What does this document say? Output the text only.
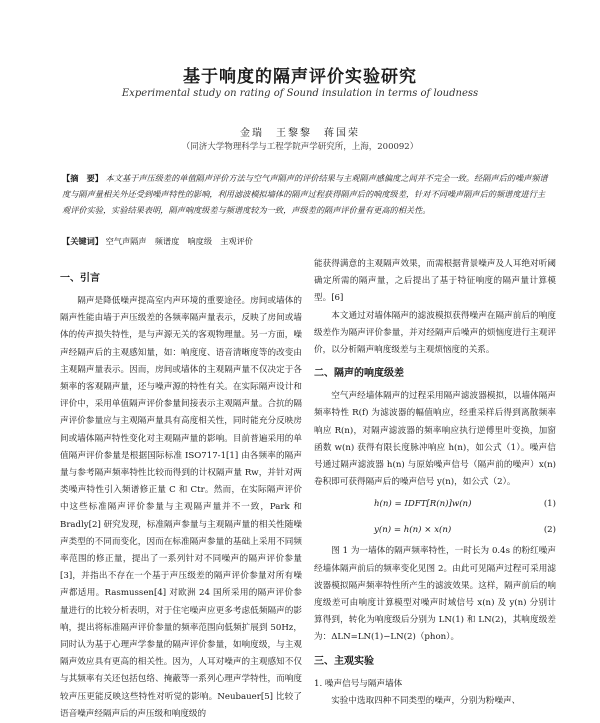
基于响度的隔声评价实验研究

Experimental study on rating of Sound insulation in terms of loudness

金瑞　王黎黎　蒋国荣

（同济大学物理科学与工程学院声学研究所，上海，200092）

【摘　要】 本文基于声压级差的单值隔声评价方法与空气声隔声的评价结果与主观隔声感偏度之间并不完全一致。经隔声后的噪声频谱度与隔声量相关外还受到噪声特性的影响，利用滤波模拟墙体的隔声过程获得隔声后的响度级差，针对不同噪声隔声后的频谱度进行主观评价实验，实验结果表明，隔声响度级差与频谱度较为一致，声级差的隔声评价量有更高的相关性。

【关键词】 空气声隔声　频谱度　响度级　主观评价

一、引言

隔声是降低噪声提高室内声环境的重要途径。房间或墙体的隔声性能由墙于声压级差的各频率隔声量表示，反映了房间或墙体的传声损失特性，是与声源无关的客观物理量。另一方面，噪声经隔声后的主观感知量，如：响度度、语音清晰度等的改变由主观隔声量表示。因而，房间或墙体的主观隔声量不仅决定于各频率的客观隔声量，还与噪声源的特性有关。在实际隔声设计和评价中，采用单值隔声评价参量间接表示主观隔声量。合抗的隔声评价参量应与主观隔声量具有高度相关性，同时能充分反映房间或墙体隔声特性变化对主观隔声量的影响。目前普遍采用的单值隔声评价参量是根据国际标准 ISO717-1[1] 由各频率的隔声量与参考隔声频率特性比较而得到的计权隔声量 Rw，并针对两类噪声特性引入频谱修正量 C 和 Ctr。然而，在实际隔声评价中这些标准隔声评价参量与主观隔声量并不一致，Park 和 Bradly[2] 研究发现，标准隔声参量与主观隔声量的相关性随噪声类型的不同而变化，因而在标准隔声参量的基础上采用不同频率范围的修正量，提出了一系列针对不同噪声的隔声评价参量[3]，并指出不存在一个基于声压级差的隔声评价参量对所有噪声都适用。Rasmussen[4] 对欧洲 24 国所采用的隔声评价参量进行的比较分析表明，对于住宅噪声应更多考虑低频隔声的影响，提出将标准隔声评价参量的频率范围向低频扩展到 50Hz，同时认为基于心理声学参量的隔声评价参量，如响度级，与主观隔声效应具有更高的相关性。因为，人耳对噪声的主观感知不仅与其频率有关还包括包络、掩蔽等一系列心理声学特性，而响度较声压更能反映这些特性对听觉的影响。Neubauer[5] 比较了语音噪声经隔声后的声压级和响度级的

能获得满意的主观隔声效果，而需根据背景噪声及人耳绝对听阈确定所需的隔声量，之后提出了基于特征响度的隔声量计算模型。[6]

本文通过对墙体隔声的滤波模拟获得噪声在隔声前后的响度级差作为隔声评价参量，并对经隔声后噪声的烦恼度进行主观评价，以分析隔声响度级差与主观烦恼度的关系。

二、隔声的响度级差

空气声经墙体隔声的过程采用隔声滤波器模拟，以墙体隔声频率特性 R(f) 为滤波器的幅值响应，经重采样后得到离散频率响应 R(n)，对隔声滤波器的频率响应执行逆傅里叶变换，加窗函数 w(n) 获得有限长度脉冲响应 h(n)，如公式（1）。噪声信号通过隔声滤波器 h(n) 与原始噪声信号（隔声前的噪声）x(n) 卷积即可获得隔声后的噪声信号 y(n)，如公式（2）。

h(n) = IDFT[R(n)]w(n)	(1)
y(n) = h(n) × x(n)	(2)

图 1 为一墙体的隔声频率特性，一时长为 0.4s 的粉红噪声经墙体隔声前后的频率变化见图 2。由此可见隔声过程可采用滤波器模拟隔声频率特性所产生的滤波效果。这样，隔声前后的响度级差可由响度计算模型对噪声时域信号 x(n) 及 y(n) 分别计算得到，转化为响度级后分别为 LN(1) 和 LN(2)，其响度级差为：ΔLN=LN(1)−LN(2)（phon）。

三、主观实验
1. 噪声信号与隔声墙体

实验中选取四种不同类型的噪声，分别为粉噪声、
